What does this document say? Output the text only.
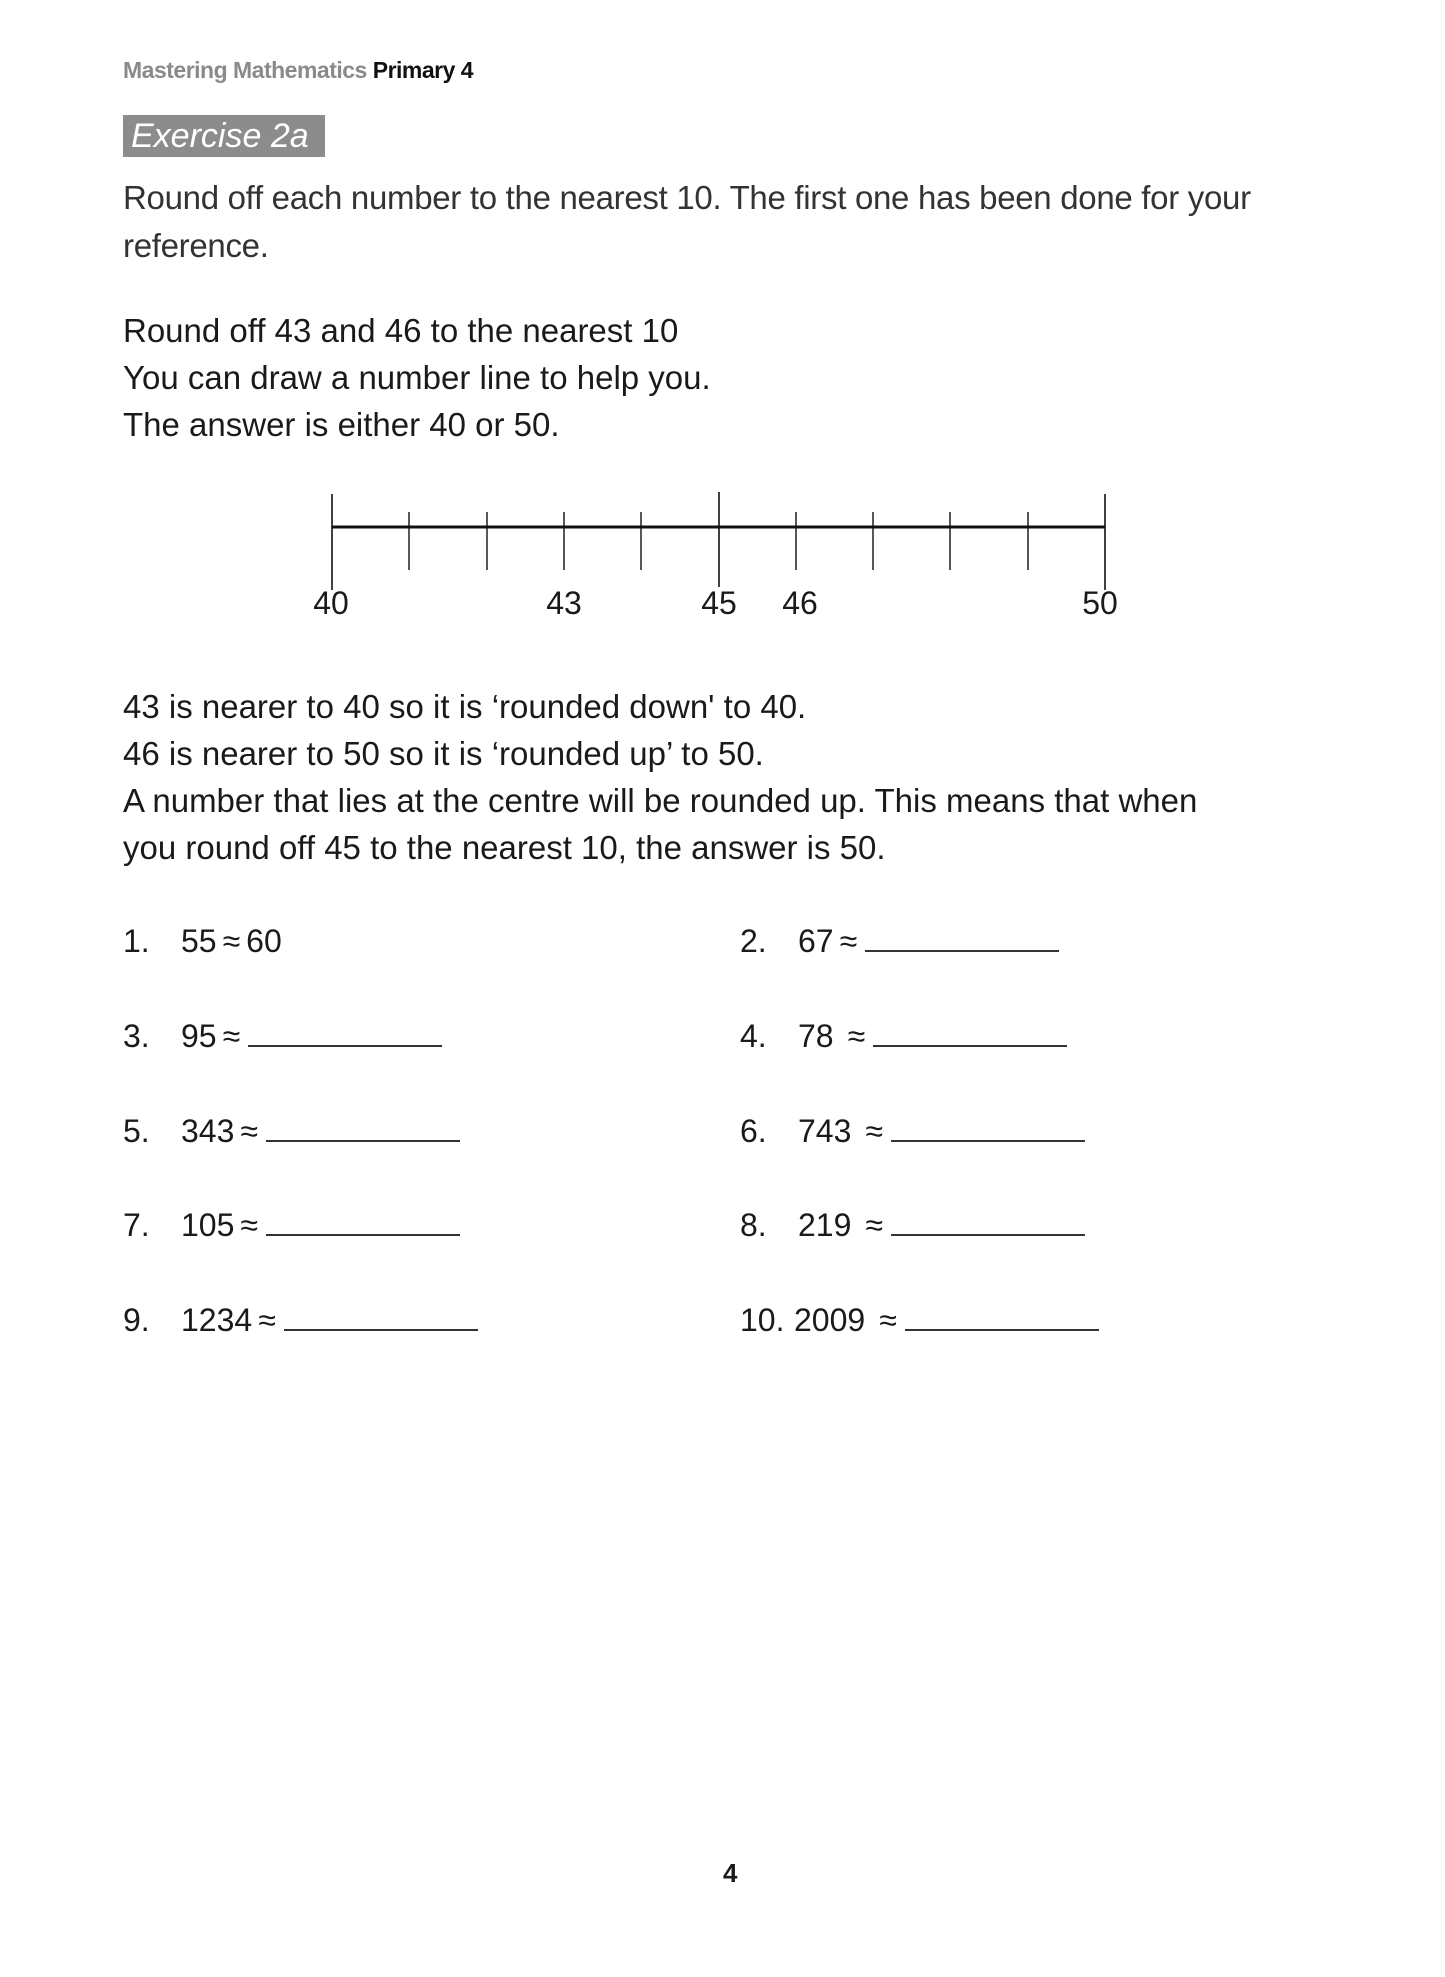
Mastering Mathematics Primary 4
Exercise 2a
Round off each number to the nearest 10. The first one has been done for your
reference.
Round off 43 and 46 to the nearest 10
You can draw a number line to help you.
The answer is either 40 or 50.
40	43	45 46	50
43 is nearer to 40 so it is ‘rounded down' to 40.
46 is nearer to 50 so it is ‘rounded up’ to 50.
A number that lies at the centre will be rounded up. This means that when
you round off 45 to the nearest 10, the answer is 50.
1. 55 ≈ 60	2. 67 ≈
3. 95 ≈	4. 78 ≈
5. 343 ≈	6. 743 ≈
7. 105 ≈	8. 219 ≈
9. 1234 ≈	10. 2009 ≈
4
